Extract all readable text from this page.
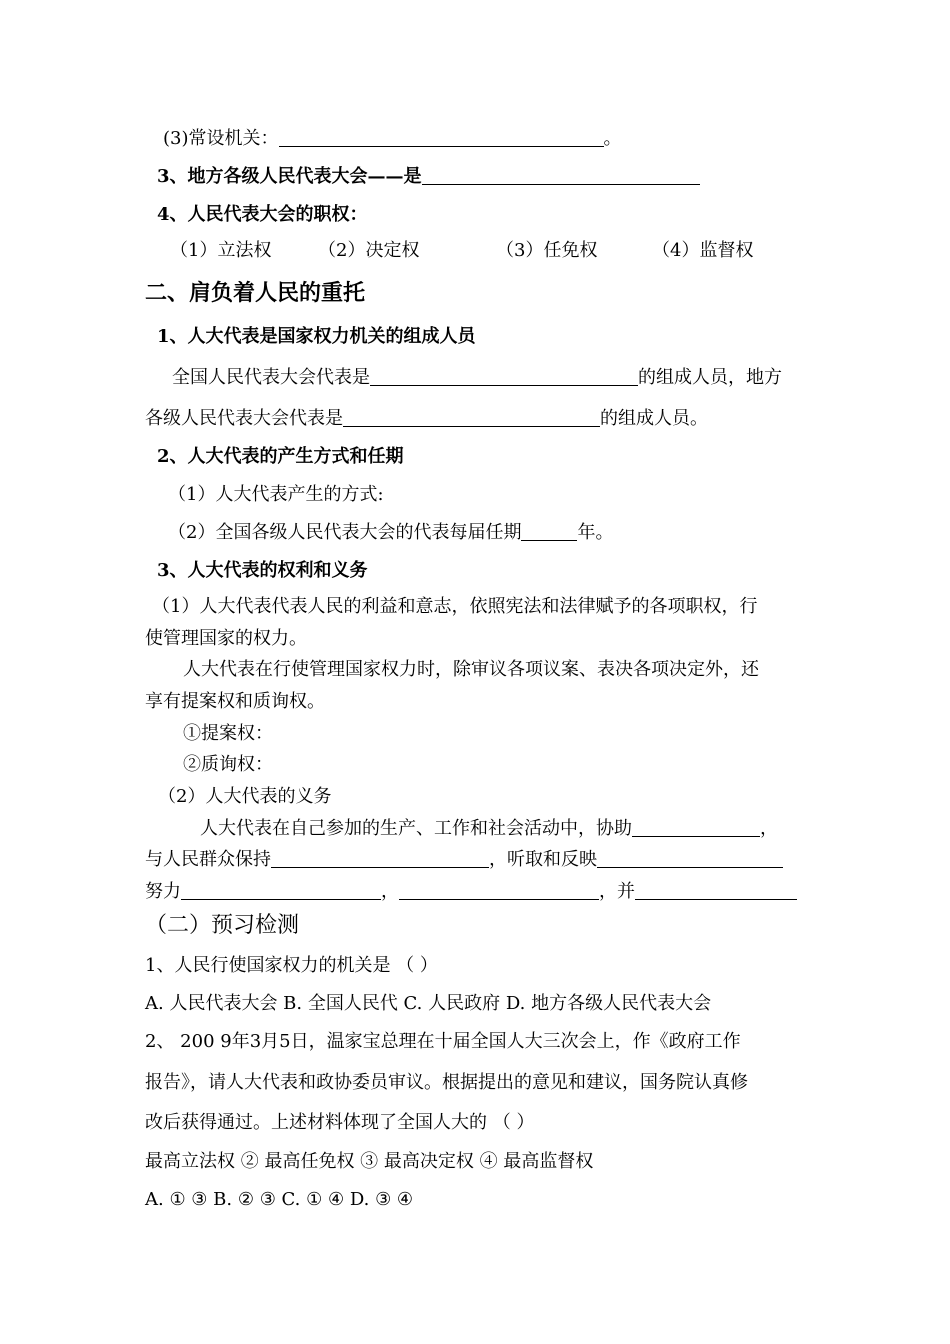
(3)常设机关：	。
3、地方各级人民代表大会——是
4、人民代表大会的职权：
（1）立法权	（2）决定权	（3）任免权	（4）监督权
二、肩负着人民的重托
1、人大代表是国家权力机关的组成人员
全国人民代表大会代表是	的组成人员，地方
各级人民代表大会代表是	的组成人员。
2、人大代表的产生方式和任期
（1）人大代表产生的方式:
（2）全国各级人民代表大会的代表每届任期	年。
3、人大代表的权利和义务
（1）人大代表代表人民的利益和意志，依照宪法和法律赋予的各项职权，行
使管理国家的权力。
人大代表在行使管理国家权力时，除审议各项议案、表决各项决定外，还
享有提案权和质询权。
①提案权：
②质询权：
（2）人大代表的义务
人大代表在自己参加的生产、工作和社会活动中，协助	，
与人民群众保持	，听取和反映
努力	，	，并
（二）预习检测
1、人民行使国家权力的机关是 （ ）
A. 人民代表大会 B. 全国人民代 C. 人民政府 D. 地方各级人民代表大会
2、 200 9年3月5日，温家宝总理在十届全国人大三次会上，作《政府工作
报告》，请人大代表和政协委员审议。根据提出的意见和建议，国务院认真修
改后获得通过。上述材料体现了全国人大的 （ ）
最高立法权 ② 最高任免权 ③ 最高决定权 ④ 最高监督权
A. ① ③ B. ② ③ C. ① ④ D. ③ ④
